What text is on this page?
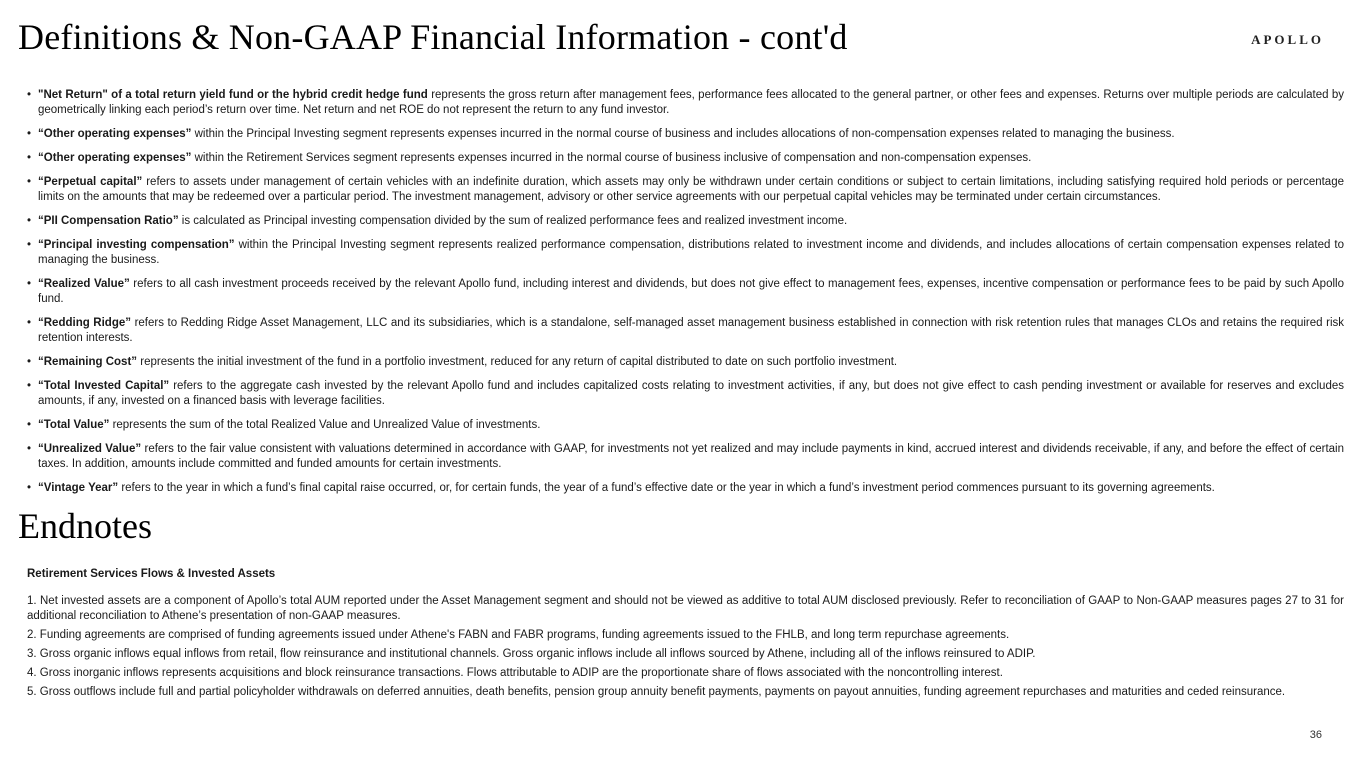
Definitions & Non-GAAP Financial Information - cont'd	APOLLO
• "Net Return" of a total return yield fund or the hybrid credit hedge fund represents the gross return after management fees, performance fees allocated to the general partner, or other fees and expenses. Returns over multiple periods are calculated by geometrically linking each period’s return over time. Net return and net ROE do not represent the return to any fund investor.
• “Other operating expenses” within the Principal Investing segment represents expenses incurred in the normal course of business and includes allocations of non-compensation expenses related to managing the business.
• “Other operating expenses” within the Retirement Services segment represents expenses incurred in the normal course of business inclusive of compensation and non-compensation expenses.
• “Perpetual capital” refers to assets under management of certain vehicles with an indefinite duration, which assets may only be withdrawn under certain conditions or subject to certain limitations, including satisfying required hold periods or percentage limits on the amounts that may be redeemed over a particular period. The investment management, advisory or other service agreements with our perpetual capital vehicles may be terminated under certain circumstances.
• “PII Compensation Ratio” is calculated as Principal investing compensation divided by the sum of realized performance fees and realized investment income.
• “Principal investing compensation” within the Principal Investing segment represents realized performance compensation, distributions related to investment income and dividends, and includes allocations of certain compensation expenses related to managing the business.
• “Realized Value” refers to all cash investment proceeds received by the relevant Apollo fund, including interest and dividends, but does not give effect to management fees, expenses, incentive compensation or performance fees to be paid by such Apollo fund.
• “Redding Ridge” refers to Redding Ridge Asset Management, LLC and its subsidiaries, which is a standalone, self-managed asset management business established in connection with risk retention rules that manages CLOs and retains the required risk retention interests.
• “Remaining Cost” represents the initial investment of the fund in a portfolio investment, reduced for any return of capital distributed to date on such portfolio investment.
• “Total Invested Capital” refers to the aggregate cash invested by the relevant Apollo fund and includes capitalized costs relating to investment activities, if any, but does not give effect to cash pending investment or available for reserves and excludes amounts, if any, invested on a financed basis with leverage facilities.
• “Total Value” represents the sum of the total Realized Value and Unrealized Value of investments.
• “Unrealized Value” refers to the fair value consistent with valuations determined in accordance with GAAP, for investments not yet realized and may include payments in kind, accrued interest and dividends receivable, if any, and before the effect of certain taxes. In addition, amounts include committed and funded amounts for certain investments.
• “Vintage Year” refers to the year in which a fund’s final capital raise occurred, or, for certain funds, the year of a fund’s effective date or the year in which a fund’s investment period commences pursuant to its governing agreements.
Endnotes
Retirement Services Flows & Invested Assets

1. Net invested assets are a component of Apollo’s total AUM reported under the Asset Management segment and should not be viewed as additive to total AUM disclosed previously. Refer to reconciliation of GAAP to Non-GAAP measures pages 27 to 31 for additional reconciliation to Athene’s presentation of non-GAAP measures.

2. Funding agreements are comprised of funding agreements issued under Athene's FABN and FABR programs, funding agreements issued to the FHLB, and long term repurchase agreements.

3. Gross organic inflows equal inflows from retail, flow reinsurance and institutional channels. Gross organic inflows include all inflows sourced by Athene, including all of the inflows reinsured to ADIP.

4. Gross inorganic inflows represents acquisitions and block reinsurance transactions. Flows attributable to ADIP are the proportionate share of flows associated with the noncontrolling interest.

5. Gross outflows include full and partial policyholder withdrawals on deferred annuities, death benefits, pension group annuity benefit payments, payments on payout annuities, funding agreement repurchases and maturities and ceded reinsurance.

36
